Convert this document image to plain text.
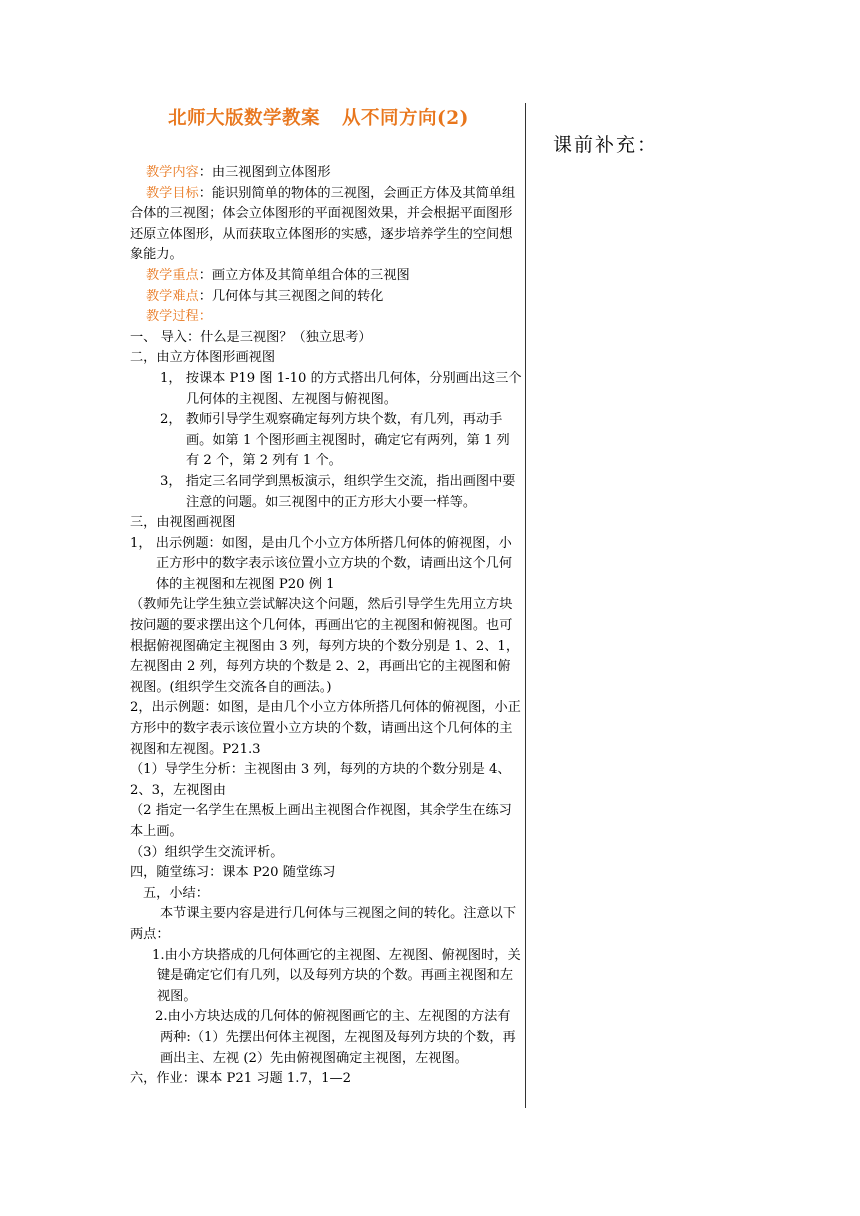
北师大版数学教案 从不同方向(2)
课前补充：

教学内容：由三视图到立体图形

教学目标：能识别简单的物体的三视图，会画正方体及其简单组合体的三视图；体会立体图形的平面视图效果，并会根据平面图形还原立体图形，从而获取立体图形的实感，逐步培养学生的空间想象能力。

教学重点：画立方体及其简单组合体的三视图

教学难点：几何体与其三视图之间的转化

教学过程：

一、 导入：什么是三视图？（独立思考）

二，由立方体图形画视图

1， 按课本 P19 图 1-10 的方式搭出几何体，分别画出这三个几何体的主视图、左视图与俯视图。

2， 教师引导学生观察确定每列方块个数，有几列，再动手画。如第 1 个图形画主视图时，确定它有两列，第 1 列有 2 个，第 2 列有 1 个。

3， 指定三名同学到黑板演示，组织学生交流，指出画图中要注意的问题。如三视图中的正方形大小要一样等。

三，由视图画视图

1， 出示例题：如图，是由几个小立方体所搭几何体的俯视图，小正方形中的数字表示该位置小立方块的个数，请画出这个几何体的主视图和左视图 P20 例 1

（教师先让学生独立尝试解决这个问题，然后引导学生先用立方块按问题的要求摆出这个几何体，再画出它的主视图和俯视图。也可根据俯视图确定主视图由 3 列，每列方块的个数分别是 1、2、1，左视图由 2 列，每列方块的个数是 2、2，再画出它的主视图和俯视图。(组织学生交流各自的画法。)

2，出示例题：如图，是由几个小立方体所搭几何体的俯视图，小正方形中的数字表示该位置小立方块的个数，请画出这个几何体的主视图和左视图。P21.3

（1）导学生分析：主视图由 3 列，每列的方块的个数分别是 4、2、3，左视图由

（2 指定一名学生在黑板上画出主视图合作视图，其余学生在练习本上画。

（3）组织学生交流评析。

四，随堂练习：课本 P20 随堂练习

五，小结：

本节课主要内容是进行几何体与三视图之间的转化。注意以下两点：

1.由小方块搭成的几何体画它的主视图、左视图、俯视图时，关键是确定它们有几列，以及每列方块的个数。再画主视图和左视图。

2.由小方块达成的几何体的俯视图画它的主、左视图的方法有两种:（1）先摆出何体主视图，左视图及每列方块的个数，再画出主、左视 (2）先由俯视图确定主视图，左视图。

六，作业：课本 P21 习题 1.7，1—2
